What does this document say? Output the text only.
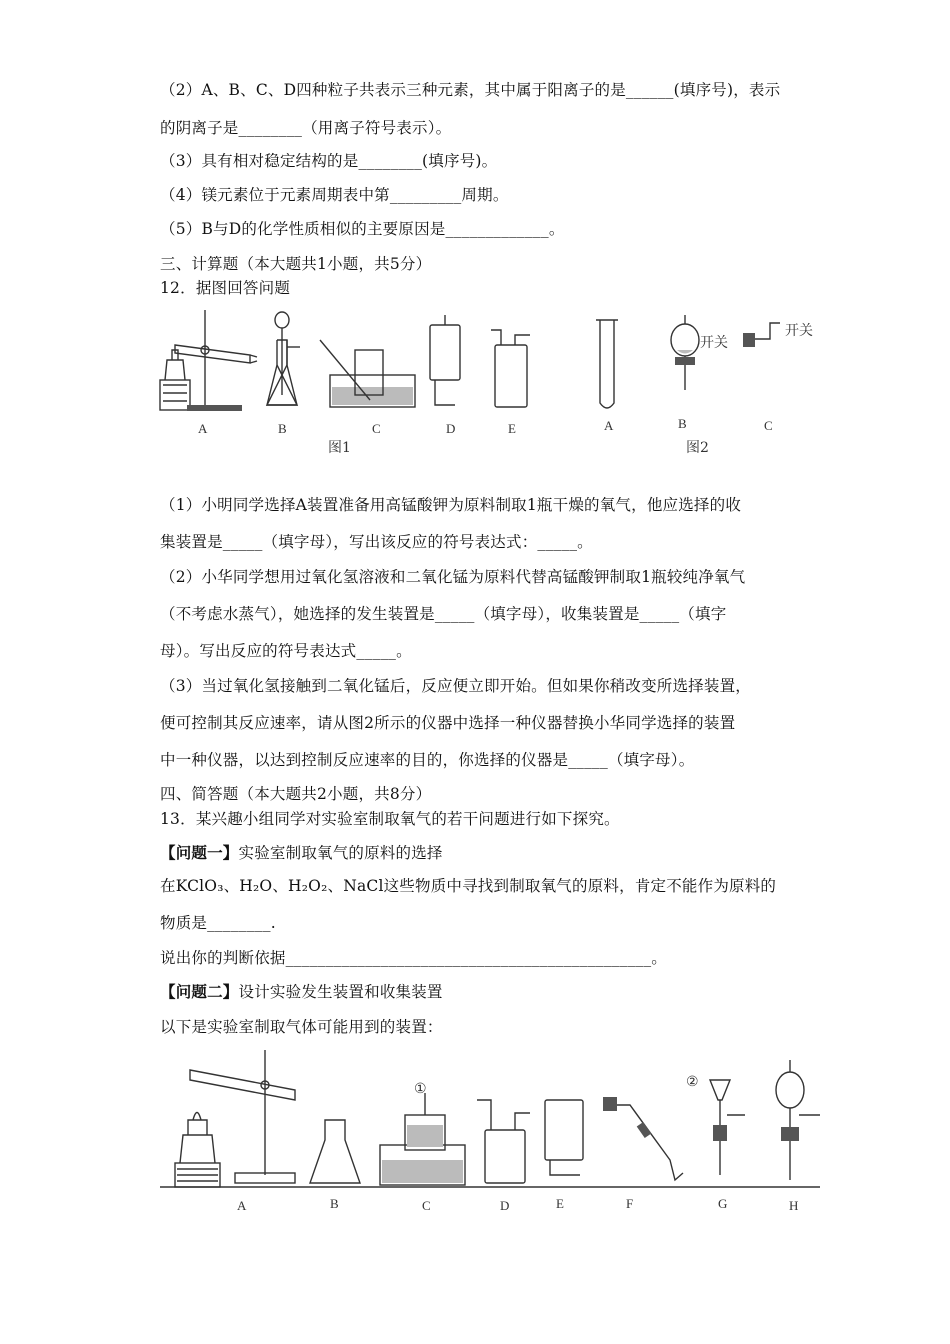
（2）A、B、C、D四种粒子共表示三种元素，其中属于阳离子的是______(填序号)，表示
的阴离子是________（用离子符号表示）。
（3）具有相对稳定结构的是________(填序号)。
（4）镁元素位于元素周期表中第_________周期。
（5）B与D的化学性质相似的主要原因是_____________。
三、计算题（本大题共1小题，共5分）
12．据图回答问题
A	B	C	D	E	A	B	C
开关
开关
图1	图2
（1）小明同学选择A装置准备用高锰酸钾为原料制取1瓶干燥的氧气，他应选择的收
集装置是_____（填字母），写出该反应的符号表达式：_____。
（2）小华同学想用过氧化氢溶液和二氧化锰为原料代替高锰酸钾制取1瓶较纯净氧气
（不考虑水蒸气），她选择的发生装置是_____（填字母），收集装置是_____（填字
母）。写出反应的符号表达式_____。
（3）当过氧化氢接触到二氧化锰后，反应便立即开始。但如果你稍改变所选择装置，
便可控制其反应速率，请从图2所示的仪器中选择一种仪器替换小华同学选择的装置
中一种仪器，以达到控制反应速率的目的，你选择的仪器是_____（填字母）。
四、简答题（本大题共2小题，共8分）
13．某兴趣小组同学对实验室制取氧气的若干问题进行如下探究。
【问题一】实验室制取氧气的原料的选择
在KClO₃、H₂O、H₂O₂、NaCl这些物质中寻找到制取氧气的原料，肯定不能作为原料的
物质是________.
说出你的判断依据______________________________________________。
【问题二】设计实验发生装置和收集装置
以下是实验室制取气体可能用到的装置：
①	②
A	B	C	D	E	F	G	H
